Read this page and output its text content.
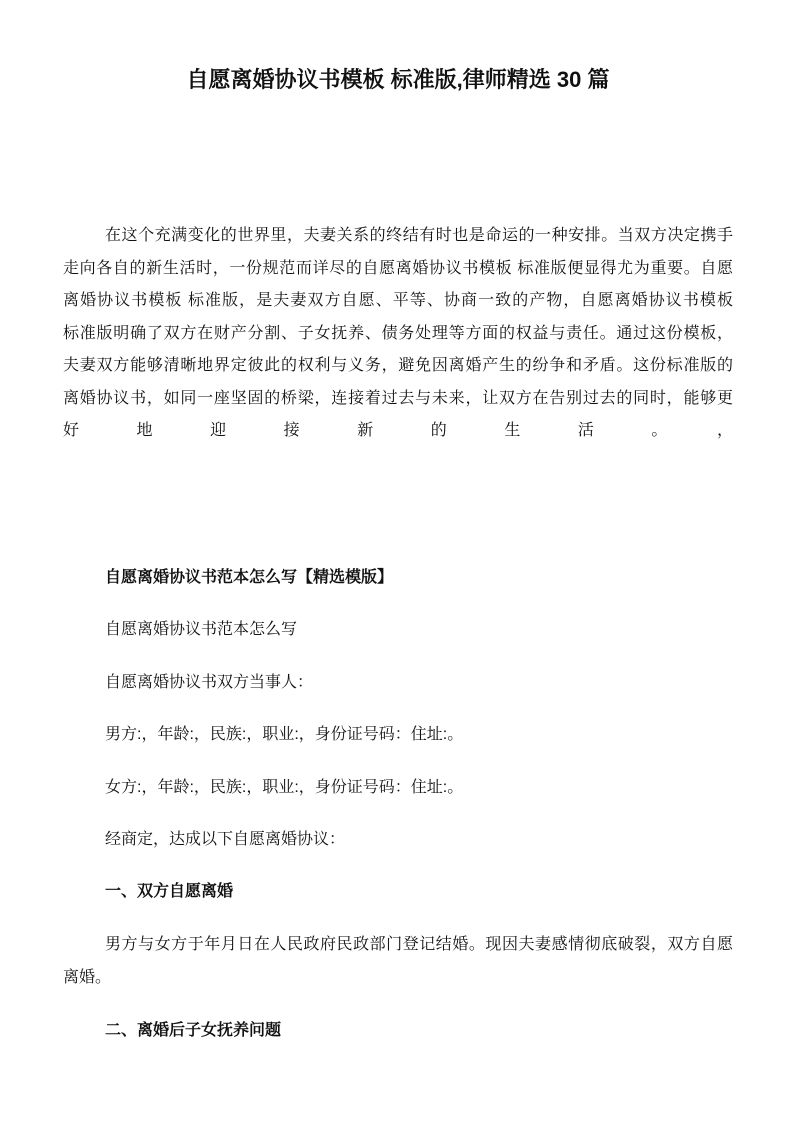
自愿离婚协议书模板 标准版,律师精选 30 篇
在这个充满变化的世界里，夫妻关系的终结有时也是命运的一种安排。当双方决定携手
走向各自的新生活时，一份规范而详尽的自愿离婚协议书模板 标准版便显得尤为重要。自愿
离婚协议书模板 标准版，是夫妻双方自愿、平等、协商一致的产物，自愿离婚协议书模板
标准版明确了双方在财产分割、子女抚养、债务处理等方面的权益与责任。通过这份模板，
夫妻双方能够清晰地界定彼此的权利与义务，避免因离婚产生的纷争和矛盾。这份标准版的
离婚协议书，如同一座坚固的桥梁，连接着过去与未来，让双方在告别过去的同时，能够更
好地迎接新的生活。，
自愿离婚协议书范本怎么写【精选模版】
自愿离婚协议书范本怎么写
自愿离婚协议书双方当事人：
男方:，年龄:，民族:，职业:，身份证号码：住址:。
女方:，年龄:，民族:，职业:，身份证号码：住址:。
经商定，达成以下自愿离婚协议：
一、双方自愿离婚
男方与女方于年月日在人民政府民政部门登记结婚。现因夫妻感情彻底破裂，双方自愿
离婚。
二、离婚后子女抚养问题
